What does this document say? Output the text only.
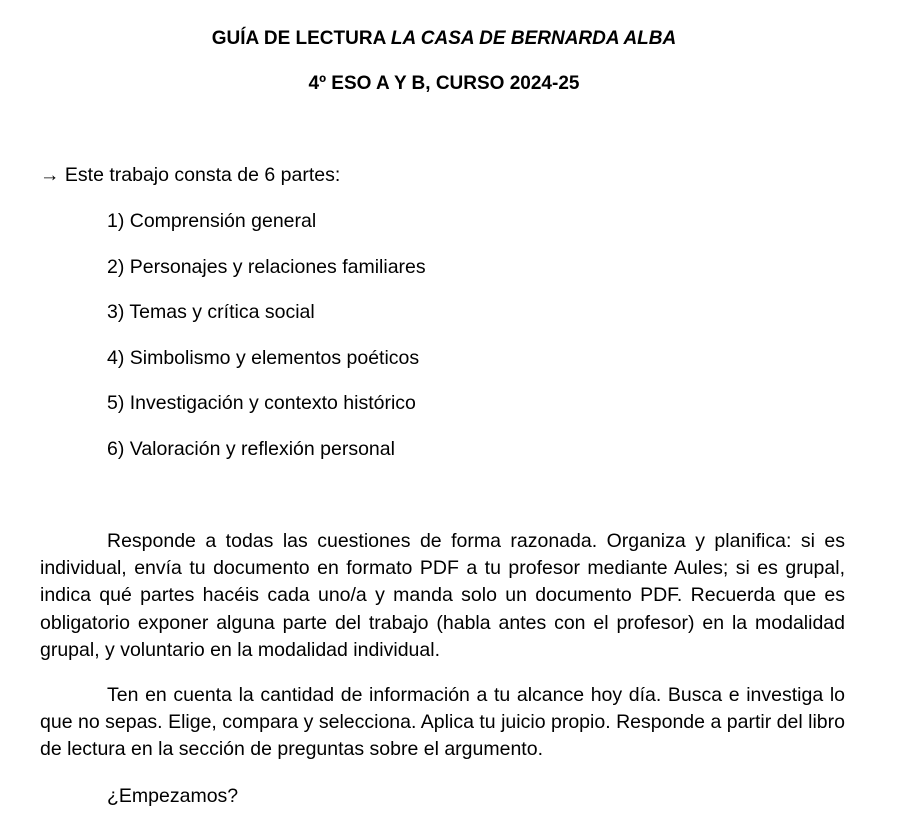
GUÍA DE LECTURA LA CASA DE BERNARDA ALBA
4º ESO A Y B, CURSO 2024-25

→ Este trabajo consta de 6 partes:

1) Comprensión general
2) Personajes y relaciones familiares
3) Temas y crítica social
4) Simbolismo y elementos poéticos
5) Investigación y contexto histórico
6) Valoración y reflexión personal

Responde a todas las cuestiones de forma razonada. Organiza y planifica: si es individual, envía tu documento en formato PDF a tu profesor mediante Aules; si es grupal, indica qué partes hacéis cada uno/a y manda solo un documento PDF. Recuerda que es obligatorio exponer alguna parte del trabajo (habla antes con el profesor) en la modalidad grupal, y voluntario en la modalidad individual.

Ten en cuenta la cantidad de información a tu alcance hoy día. Busca e investiga lo que no sepas. Elige, compara y selecciona. Aplica tu juicio propio. Responde a partir del libro de lectura en la sección de preguntas sobre el argumento.

¿Empezamos?
